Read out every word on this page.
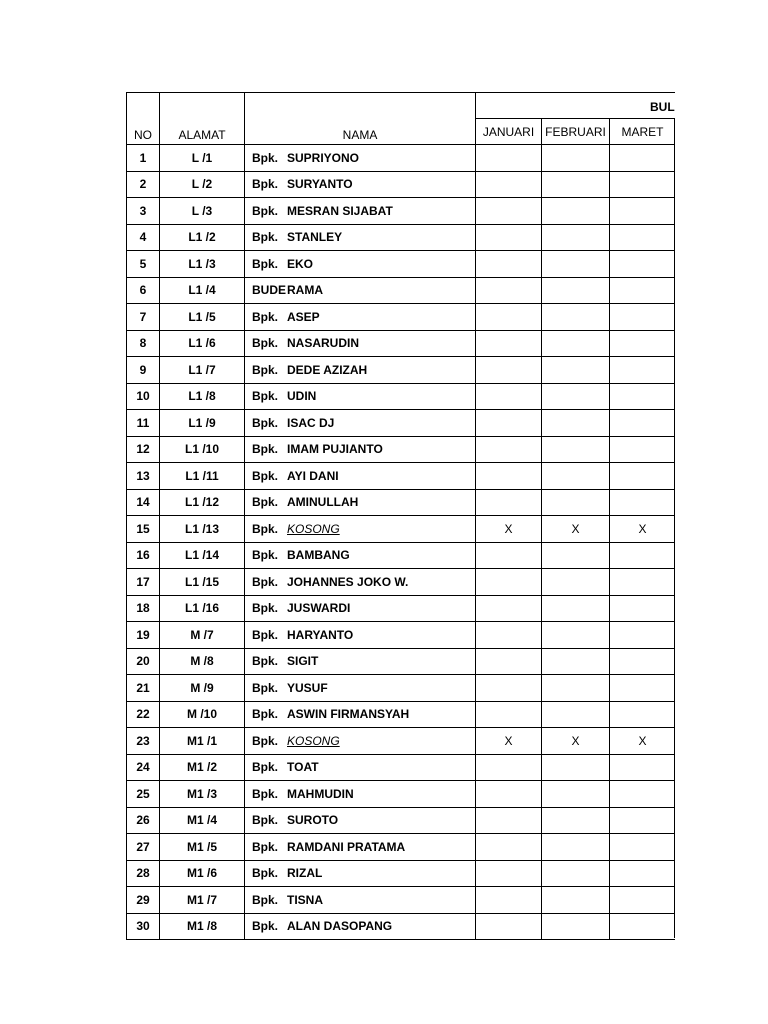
NO	ALAMAT	NAMA				
			JANUARI	FEBRUARI	MARET	
1	L /1	Bpk. SUPRIYONO				

2	L /2	Bpk. SURYANTO				

3	L /3	Bpk. MESRAN SIJABAT				

4	L1 /2	Bpk. STANLEY				

5	L1 /3	Bpk. EKO				

6	L1 /4	BUDE RAMA				

7	L1 /5	Bpk. ASEP				

8	L1 /6	Bpk. NASARUDIN				

9	L1 /7	Bpk. DEDE AZIZAH				

10	L1 /8	Bpk. UDIN				

11	L1 /9	Bpk. ISAC DJ				

12	L1 /10	Bpk. IMAM PUJIANTO				

13	L1 /11	Bpk. AYI DANI				

14	L1 /12	Bpk. AMINULLAH				

15	L1 /13	Bpk. KOSONG	X	X	X	
16	L1 /14	Bpk. BAMBANG				

17	L1 /15	Bpk. JOHANNES JOKO W.				

18	L1 /16	Bpk. JUSWARDI				

19	M /7	Bpk. HARYANTO				

20	M /8	Bpk. SIGIT				

21	M /9	Bpk. YUSUF				

22	M /10	Bpk. ASWIN FIRMANSYAH				

23	M1 /1	Bpk. KOSONG	X	X	X	
24	M1 /2	Bpk. TOAT				

25	M1 /3	Bpk. MAHMUDIN				

26	M1 /4	Bpk. SUROTO				

27	M1 /5	Bpk. RAMDANI PRATAMA				

28	M1 /6	Bpk. RIZAL				

29	M1 /7	Bpk. TISNA				

30	M1 /8	Bpk. ALAN DASOPANG				

BUL
